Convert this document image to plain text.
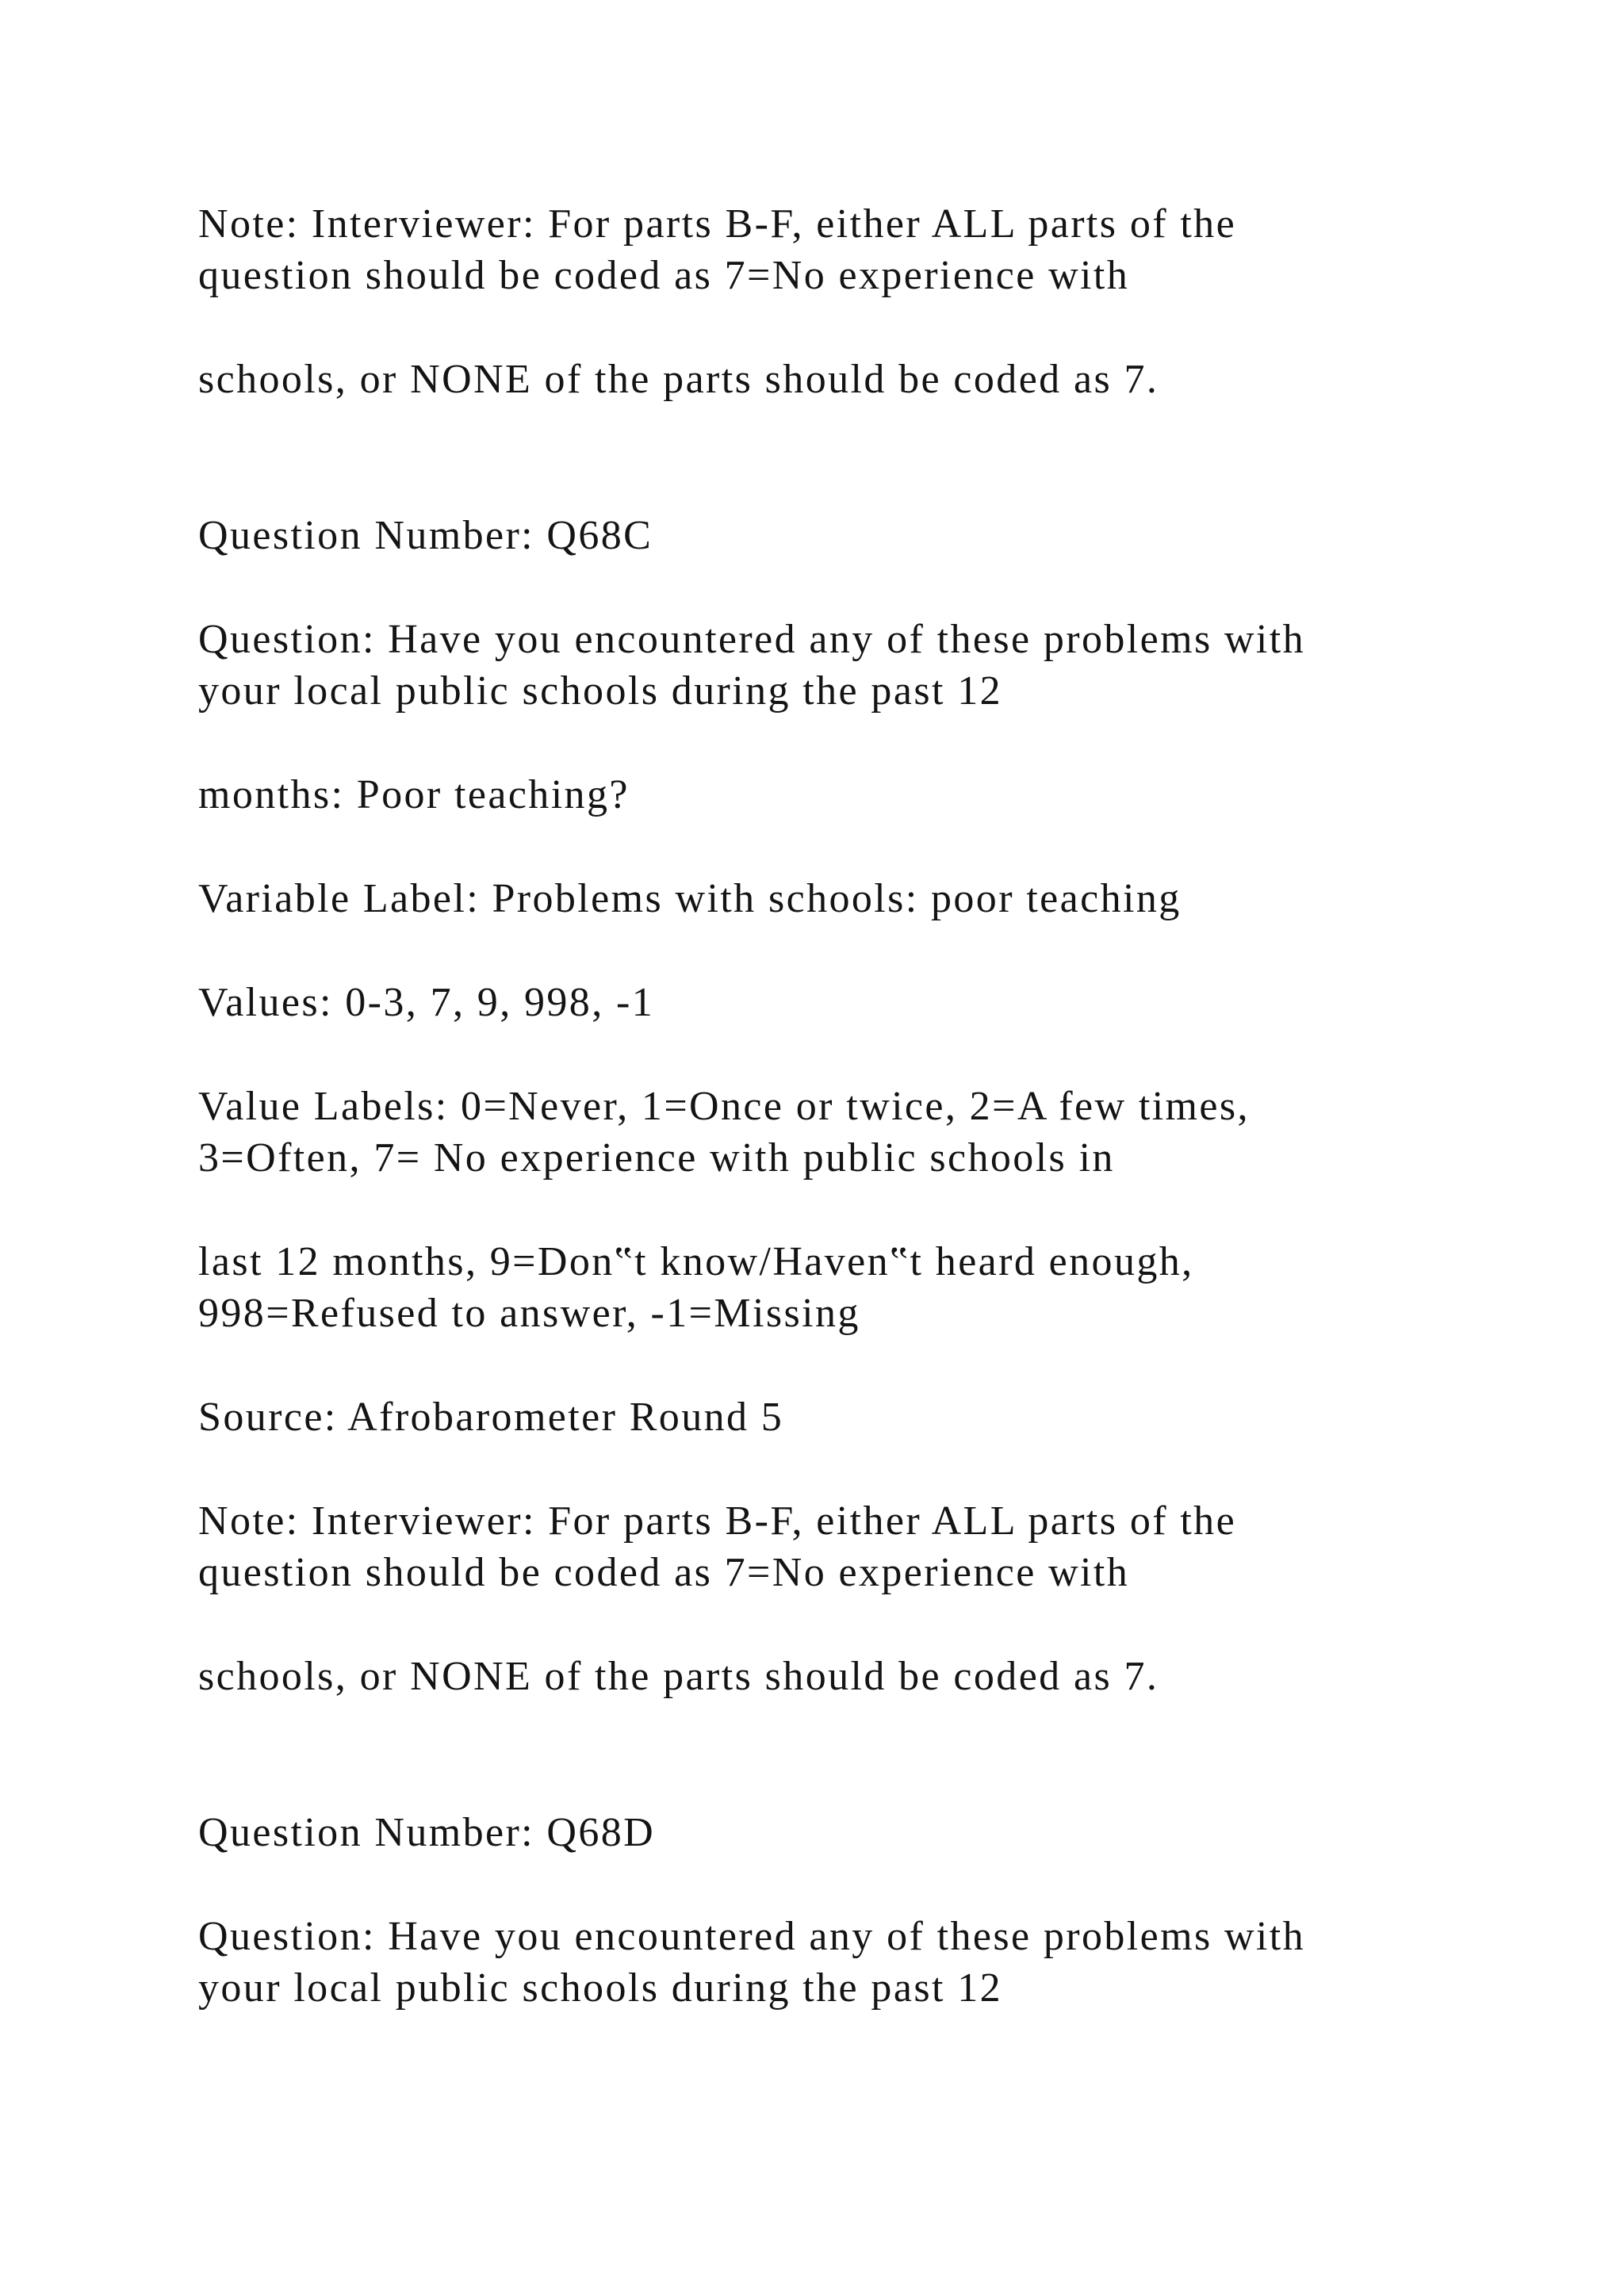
Note: Interviewer: For parts B-F, either ALL parts of the

question should be coded as 7=No experience with

schools, or NONE of the parts should be coded as 7.

Question Number: Q68C

Question: Have you encountered any of these problems with

your local public schools during the past 12

months: Poor teaching?

Variable Label: Problems with schools: poor teaching

Values: 0-3, 7, 9, 998, -1

Value Labels: 0=Never, 1=Once or twice, 2=A few times,

3=Often, 7= No experience with public schools in

last 12 months, 9=Don‟t know/Haven‟t heard enough,

998=Refused to answer, -1=Missing

Source: Afrobarometer Round 5

Note: Interviewer: For parts B-F, either ALL parts of the

question should be coded as 7=No experience with

schools, or NONE of the parts should be coded as 7.

Question Number: Q68D

Question: Have you encountered any of these problems with

your local public schools during the past 12
